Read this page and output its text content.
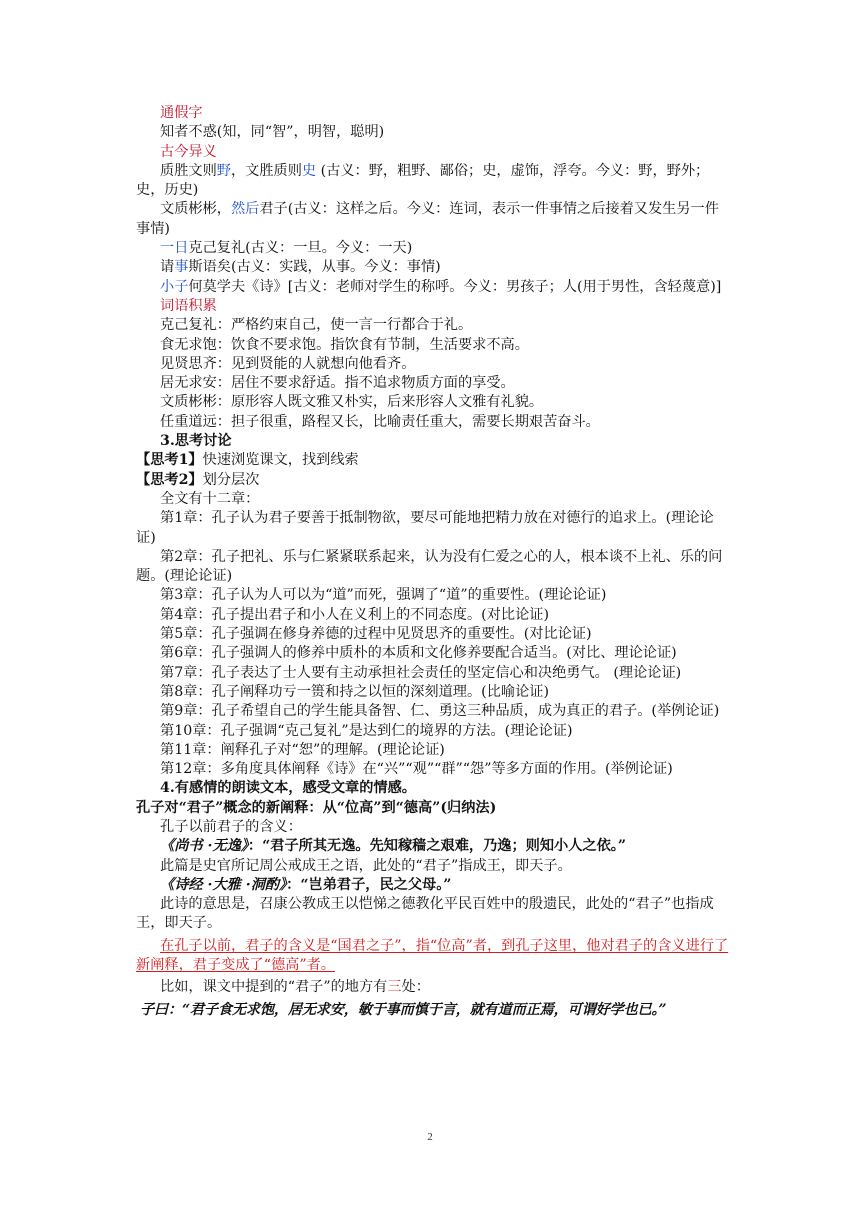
通假字

知者不惑(知，同“智”，明智，聪明)

古今异义

质胜文则野，文胜质则史 (古义：野，粗野、鄙俗；史，虚饰，浮夸。今义：野，野外；史，历史)

文质彬彬，然后君子(古义：这样之后。今义：连词，表示一件事情之后接着又发生另一件事情)

一日克己复礼(古义：一旦。今义：一天)

请事斯语矣(古义：实践，从事。今义：事情)

小子何莫学夫《诗》[古义：老师对学生的称呼。今义：男孩子；人(用于男性，含轻蔑意)]

词语积累

克己复礼：严格约束自己，使一言一行都合于礼。

食无求饱：饮食不要求饱。指饮食有节制，生活要求不高。

见贤思齐：见到贤能的人就想向他看齐。

居无求安：居住不要求舒适。指不追求物质方面的享受。

文质彬彬：原形容人既文雅又朴实，后来形容人文雅有礼貌。

任重道远：担子很重，路程又长，比喻责任重大，需要长期艰苦奋斗。

3.思考讨论

【思考1】快速浏览课文，找到线索

【思考2】划分层次

全文有十二章：

第1章：孔子认为君子要善于抵制物欲，要尽可能地把精力放在对德行的追求上。(理论论证)

第2章：孔子把礼、乐与仁紧紧联系起来，认为没有仁爱之心的人，根本谈不上礼、乐的问题。(理论论证)

第3章：孔子认为人可以为“道”而死，强调了“道”的重要性。(理论论证)

第4章：孔子提出君子和小人在义利上的不同态度。(对比论证)

第5章：孔子强调在修身养德的过程中见贤思齐的重要性。(对比论证)

第6章：孔子强调人的修养中质朴的本质和文化修养要配合适当。(对比、理论论证)

第7章：孔子表达了士人要有主动承担社会责任的坚定信心和决绝勇气。 (理论论证)

第8章：孔子阐释功亏一篑和持之以恒的深刻道理。(比喻论证)

第9章：孔子希望自己的学生能具备智、仁、勇这三种品质，成为真正的君子。(举例论证)

第10章：孔子强调“克己复礼”是达到仁的境界的方法。(理论论证)

第11章：阐释孔子对“恕”的理解。(理论论证)

第12章：多角度具体阐释《诗》在“兴”“观”“群”“怨”等多方面的作用。(举例论证)

4.有感情的朗读文本，感受文章的情感。

孔子对“君子”概念的新阐释：从“位高”到“德高”(归纳法)

孔子以前君子的含义：

《尚书 ·无逸》：“君子所其无逸。先知稼穑之艰难，乃逸；则知小人之依。”

此篇是史官所记周公戒成王之语，此处的“君子”指成王，即天子。

《诗经 ·大雅 ·洞酌》：“岂弟君子，民之父母。”

此诗的意思是，召康公教成王以恺悌之德教化平民百姓中的殷遗民，此处的“君子”也指成王，即天子。

在孔子以前，君子的含义是“国君之子”，指“位高”者，到孔子这里，他对君子的含义进行了新阐释，君子变成了“德高”者。

比如，课文中提到的“君子”的地方有三处：

子曰：“君子食无求饱，居无求安，敏于事而慎于言，就有道而正焉，可谓好学也已。”

2
